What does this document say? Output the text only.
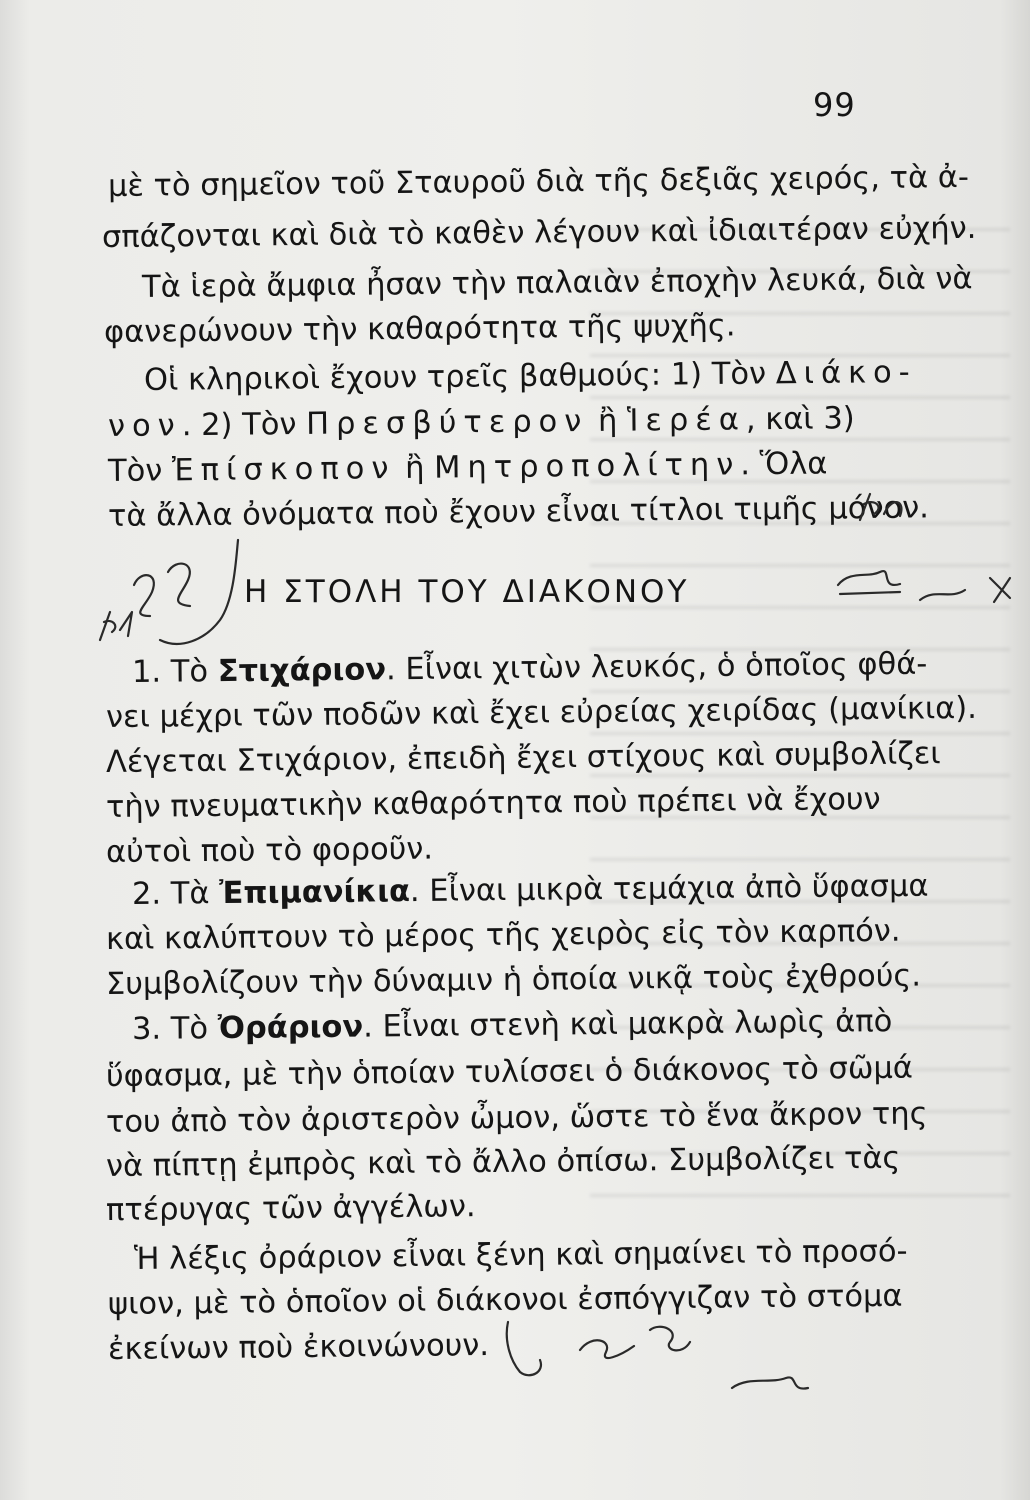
99
μὲ τὸ σημεῖον τοῦ Σταυροῦ διὰ τῆς δεξιᾶς χειρός, τὰ ἀ-
σπάζονται καὶ διὰ τὸ καθὲν λέγουν καὶ ἰδιαιτέραν εὐχήν.
Τὰ ἱερὰ ἄμφια ἦσαν τὴν παλαιὰν ἐποχὴν λευκά, διὰ νὰ
φανερώνουν τὴν καθαρότητα τῆς ψυχῆς.
Οἱ κληρικοὶ ἔχουν τρεῖς βαθμούς: 1) Τὸν Διάκο-
νον. 2) Τὸν Πρεσβύτερον ἢ Ἱερέα, καὶ 3)
Τὸν Ἐπίσκοπον ἢ Μητροπολίτην. Ὅλα
τὰ ἄλλα ὀνόματα ποὺ ἔχουν εἶναι τίτλοι τιμῆς μόνον.
Η ΣΤΟΛΗ ΤΟΥ ΔΙΑΚΟΝΟΥ
1. Τὸ Στιχάριον. Εἶναι χιτὼν λευκός, ὁ ὁποῖος φθά-
νει μέχρι τῶν ποδῶν καὶ ἔχει εὐρείας χειρίδας (μανίκια).
Λέγεται Στιχάριον, ἐπειδὴ ἔχει στίχους καὶ συμβολίζει
τὴν πνευματικὴν καθαρότητα ποὺ πρέπει νὰ ἔχουν
αὐτοὶ ποὺ τὸ φοροῦν.
2. Τὰ Ἐπιμανίκια. Εἶναι μικρὰ τεμάχια ἀπὸ ὕφασμα
καὶ καλύπτουν τὸ μέρος τῆς χειρὸς εἰς τὸν καρπόν.
Συμβολίζουν τὴν δύναμιν ἡ ὁποία νικᾷ τοὺς ἐχθρούς.
3. Τὸ Ὀράριον. Εἶναι στενὴ καὶ μακρὰ λωρὶς ἀπὸ
ὕφασμα, μὲ τὴν ὁποίαν τυλίσσει ὁ διάκονος τὸ σῶμά
του ἀπὸ τὸν ἀριστερὸν ὦμον, ὥστε τὸ ἕνα ἄκρον της
νὰ πίπτῃ ἐμπρὸς καὶ τὸ ἄλλο ὀπίσω. Συμβολίζει τὰς
πτέρυγας τῶν ἀγγέλων.
Ἡ λέξις ὀράριον εἶναι ξένη καὶ σημαίνει τὸ προσό-
ψιον, μὲ τὸ ὁποῖον οἱ διάκονοι ἐσπόγγιζαν τὸ στόμα
ἐκείνων ποὺ ἐκοινώνουν.
